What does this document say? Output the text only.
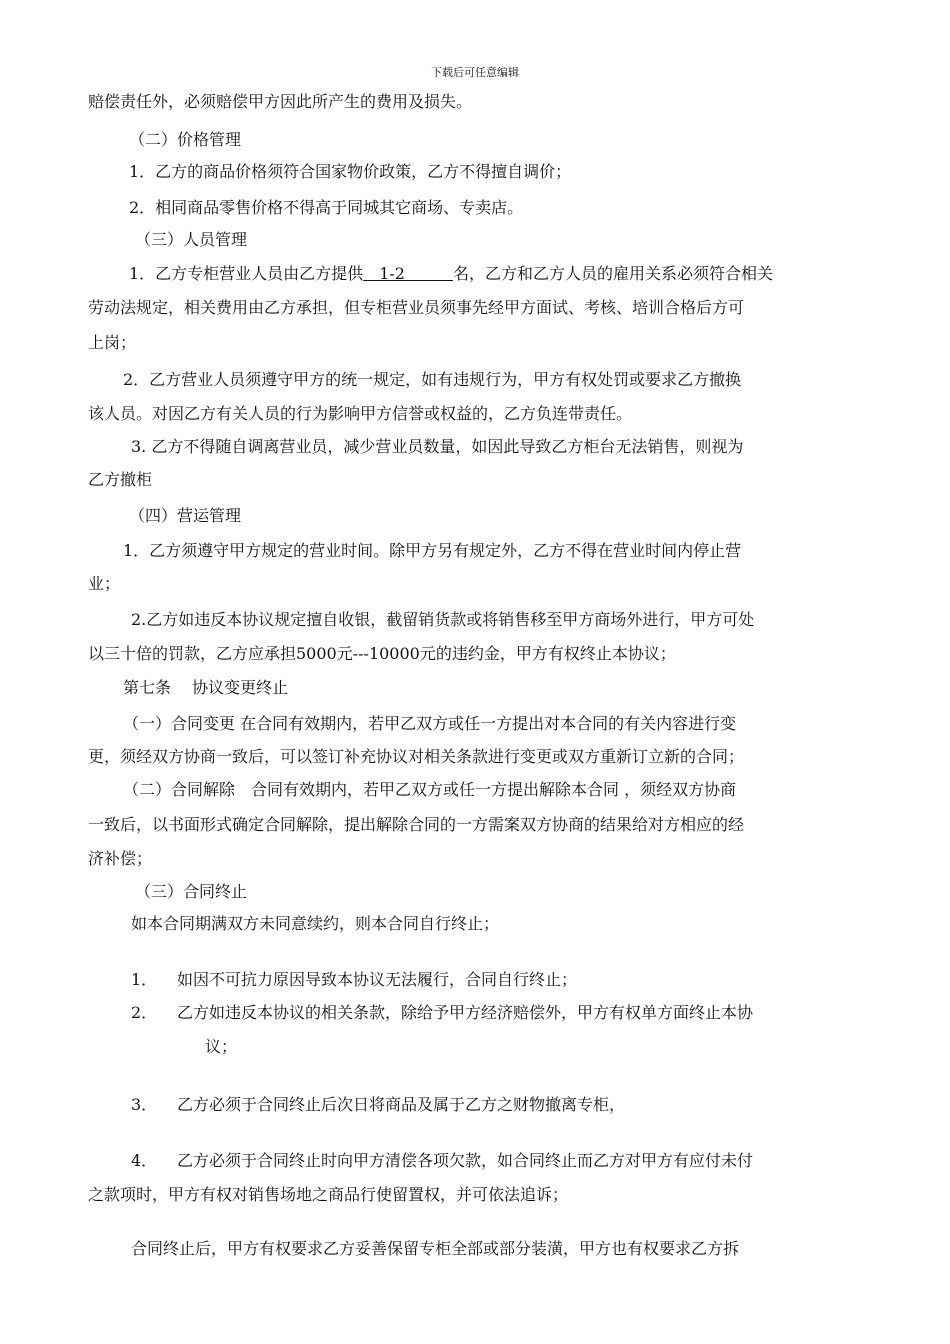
下载后可任意编辑
赔偿责任外，必须赔偿甲方因此所产生的费用及损失。
（二）价格管理
1．乙方的商品价格须符合国家物价政策，乙方不得擅自调价；
2．相同商品零售价格不得高于同城其它商场、专卖店。
（三）人员管理
1．乙方专柜营业人员由乙方提供　1-2　　　名，乙方和乙方人员的雇用关系必须符合相关
劳动法规定，相关费用由乙方承担，但专柜营业员须事先经甲方面试、考核、培训合格后方可
上岗；
2．乙方营业人员须遵守甲方的统一规定，如有违规行为，甲方有权处罚或要求乙方撤换
该人员。对因乙方有关人员的行为影响甲方信誉或权益的，乙方负连带责任。
3. 乙方不得随自调离营业员，减少营业员数量，如因此导致乙方柜台无法销售，则视为
乙方撤柜
（四）营运管理
1．乙方须遵守甲方规定的营业时间。除甲方另有规定外，乙方不得在营业时间内停止营
业；
2.乙方如违反本协议规定擅自收银，截留销货款或将销售移至甲方商场外进行，甲方可处
以三十倍的罚款，乙方应承担5000元---10000元的违约金，甲方有权终止本协议；
第七条　 协议变更终止
（一）合同变更 在合同有效期内，若甲乙双方或任一方提出对本合同的有关内容进行变
更，须经双方协商一致后，可以签订补充协议对相关条款进行变更或双方重新订立新的合同；
（二）合同解除　合同有效期内，若甲乙双方或任一方提出解除本合同 ，须经双方协商
一致后，以书面形式确定合同解除，提出解除合同的一方需案双方协商的结果给对方相应的经
济补偿；
（三）合同终止
如本合同期满双方未同意续约，则本合同自行终止；
1． 如因不可抗力原因导致本协议无法履行，合同自行终止；
2． 乙方如违反本协议的相关条款，除给予甲方经济赔偿外，甲方有权单方面终止本协
议；
3． 乙方必须于合同终止后次日将商品及属于乙方之财物撤离专柜，
4． 乙方必须于合同终止时向甲方清偿各项欠款，如合同终止而乙方对甲方有应付未付
之款项时，甲方有权对销售场地之商品行使留置权，并可依法追诉；
合同终止后，甲方有权要求乙方妥善保留专柜全部或部分装潢，甲方也有权要求乙方拆
